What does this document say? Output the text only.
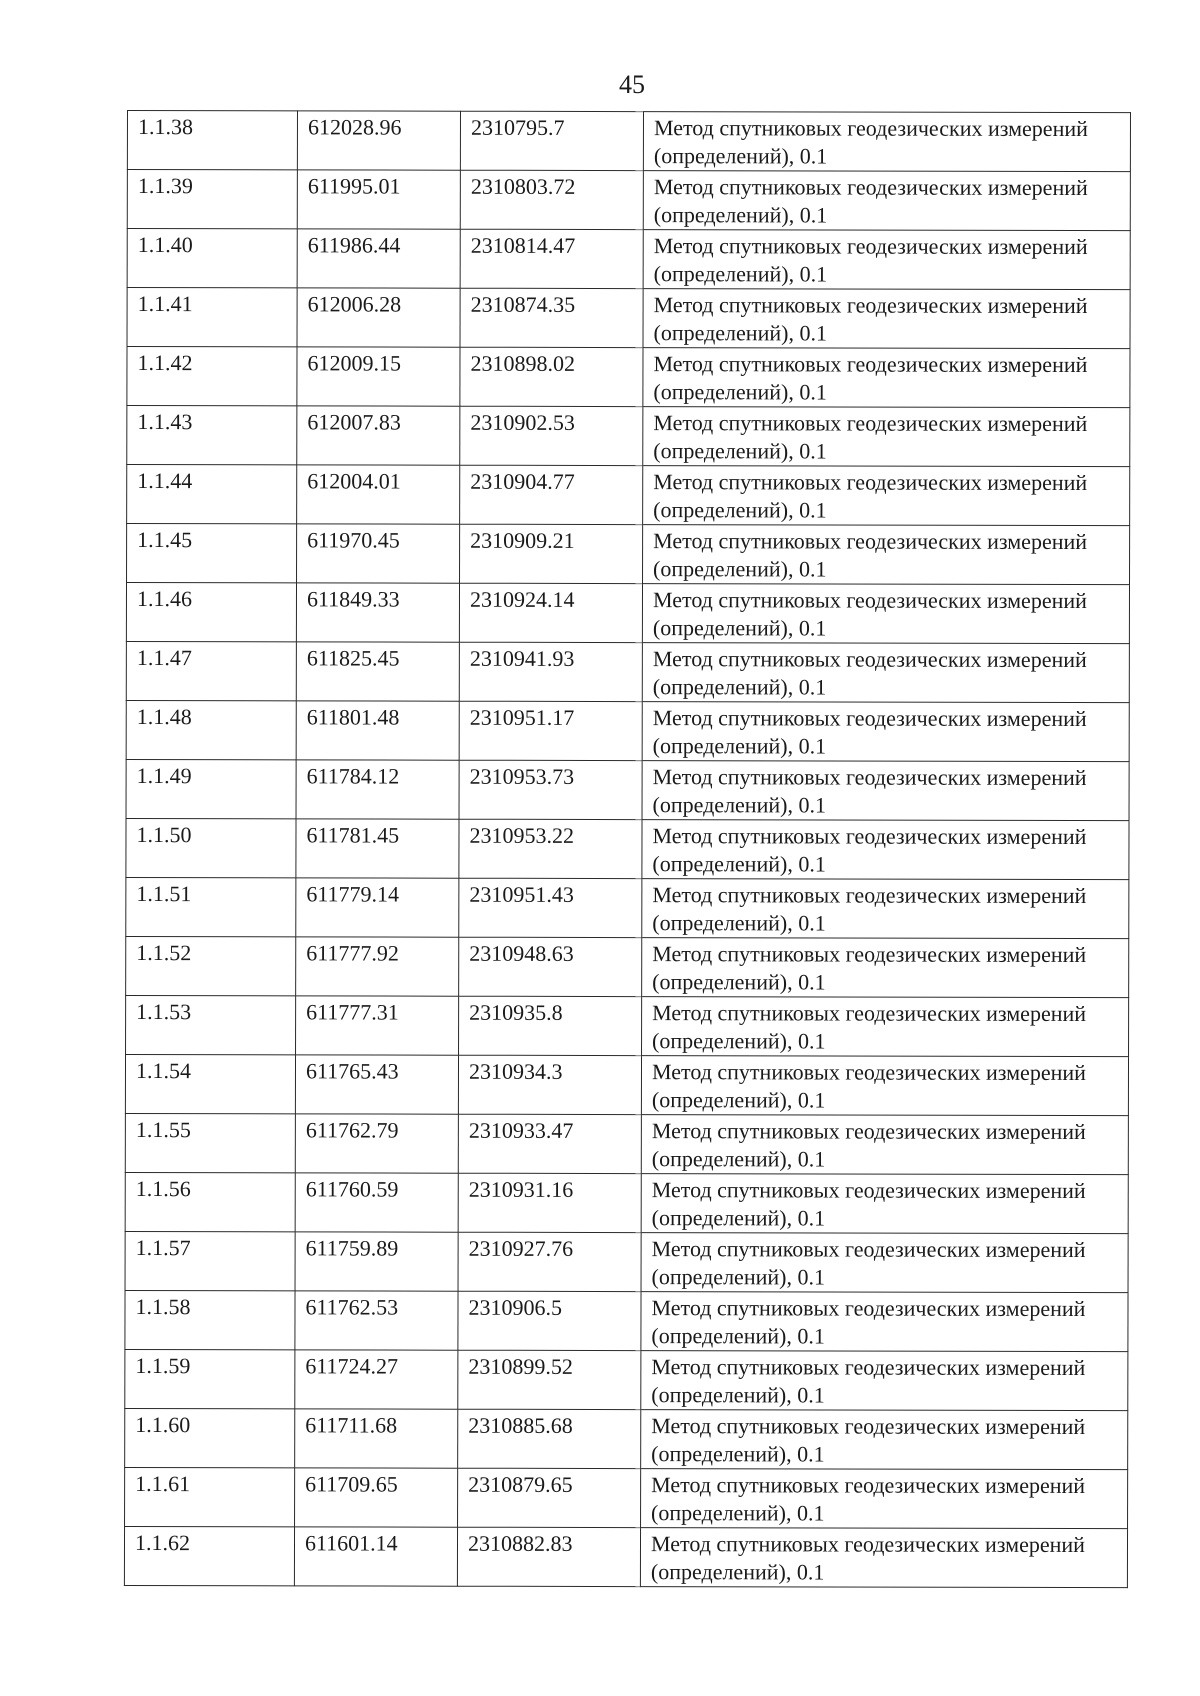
45
1.1.38	612028.96	2310795.7	Метод спутниковых геодезических измерений (определений), 0.1
1.1.39	611995.01	2310803.72	Метод спутниковых геодезических измерений (определений), 0.1
1.1.40	611986.44	2310814.47	Метод спутниковых геодезических измерений (определений), 0.1
1.1.41	612006.28	2310874.35	Метод спутниковых геодезических измерений (определений), 0.1
1.1.42	612009.15	2310898.02	Метод спутниковых геодезических измерений (определений), 0.1
1.1.43	612007.83	2310902.53	Метод спутниковых геодезических измерений (определений), 0.1
1.1.44	612004.01	2310904.77	Метод спутниковых геодезических измерений (определений), 0.1
1.1.45	611970.45	2310909.21	Метод спутниковых геодезических измерений (определений), 0.1
1.1.46	611849.33	2310924.14	Метод спутниковых геодезических измерений (определений), 0.1
1.1.47	611825.45	2310941.93	Метод спутниковых геодезических измерений (определений), 0.1
1.1.48	611801.48	2310951.17	Метод спутниковых геодезических измерений (определений), 0.1
1.1.49	611784.12	2310953.73	Метод спутниковых геодезических измерений (определений), 0.1
1.1.50	611781.45	2310953.22	Метод спутниковых геодезических измерений (определений), 0.1
1.1.51	611779.14	2310951.43	Метод спутниковых геодезических измерений (определений), 0.1
1.1.52	611777.92	2310948.63	Метод спутниковых геодезических измерений (определений), 0.1
1.1.53	611777.31	2310935.8	Метод спутниковых геодезических измерений (определений), 0.1
1.1.54	611765.43	2310934.3	Метод спутниковых геодезических измерений (определений), 0.1
1.1.55	611762.79	2310933.47	Метод спутниковых геодезических измерений (определений), 0.1
1.1.56	611760.59	2310931.16	Метод спутниковых геодезических измерений (определений), 0.1
1.1.57	611759.89	2310927.76	Метод спутниковых геодезических измерений (определений), 0.1
1.1.58	611762.53	2310906.5	Метод спутниковых геодезических измерений (определений), 0.1
1.1.59	611724.27	2310899.52	Метод спутниковых геодезических измерений (определений), 0.1
1.1.60	611711.68	2310885.68	Метод спутниковых геодезических измерений (определений), 0.1
1.1.61	611709.65	2310879.65	Метод спутниковых геодезических измерений (определений), 0.1
1.1.62	611601.14	2310882.83	Метод спутниковых геодезических измерений (определений), 0.1
